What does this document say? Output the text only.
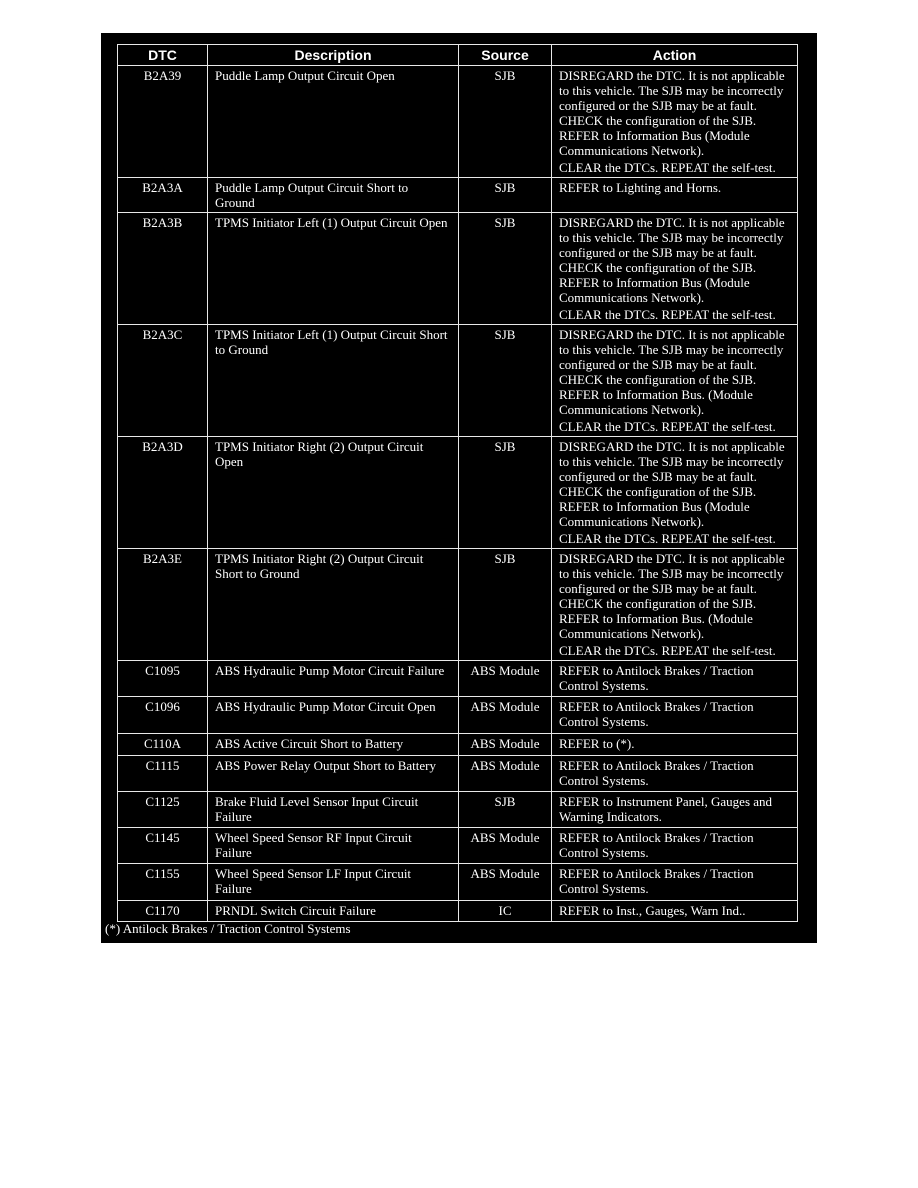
DTC	Description	Source	Action
B2A39	Puddle Lamp Output Circuit Open	SJB	DISREGARD the DTC. It is not applicable to this vehicle. The SJB may be incorrectly configured or the SJB may be at fault. CHECK the configuration of the SJB. REFER to Information Bus (Module Communications Network).
CLEAR the DTCs. REPEAT the self-test.

B2A3A	Puddle Lamp Output Circuit Short to Ground	SJB	REFER to Lighting and Horns.

B2A3B	TPMS Initiator Left (1) Output Circuit Open	SJB	DISREGARD the DTC. It is not applicable to this vehicle. The SJB may be incorrectly configured or the SJB may be at fault. CHECK the configuration of the SJB. REFER to Information Bus (Module Communications Network).
CLEAR the DTCs. REPEAT the self-test.

B2A3C	TPMS Initiator Left (1) Output Circuit Short to Ground	SJB	DISREGARD the DTC. It is not applicable to this vehicle. The SJB may be incorrectly configured or the SJB may be at fault. CHECK the configuration of the SJB. REFER to Information Bus. (Module Communications Network).
CLEAR the DTCs. REPEAT the self-test.

B2A3D	TPMS Initiator Right (2) Output Circuit Open	SJB	DISREGARD the DTC. It is not applicable to this vehicle. The SJB may be incorrectly configured or the SJB may be at fault. CHECK the configuration of the SJB. REFER to Information Bus (Module Communications Network).
CLEAR the DTCs. REPEAT the self-test.

B2A3E	TPMS Initiator Right (2) Output Circuit Short to Ground	SJB	DISREGARD the DTC. It is not applicable to this vehicle. The SJB may be incorrectly configured or the SJB may be at fault. CHECK the configuration of the SJB. REFER to Information Bus. (Module Communications Network).
CLEAR the DTCs. REPEAT the self-test.

C1095	ABS Hydraulic Pump Motor Circuit Failure	ABS Module	REFER to Antilock Brakes / Traction Control Systems.

C1096	ABS Hydraulic Pump Motor Circuit Open	ABS Module	REFER to Antilock Brakes / Traction Control Systems.

C110A	ABS Active Circuit Short to Battery	ABS Module	REFER to (*).

C1115	ABS Power Relay Output Short to Battery	ABS Module	REFER to Antilock Brakes / Traction Control Systems.

C1125	Brake Fluid Level Sensor Input Circuit Failure	SJB	REFER to Instrument Panel, Gauges and Warning Indicators.

C1145	Wheel Speed Sensor RF Input Circuit Failure	ABS Module	REFER to Antilock Brakes / Traction Control Systems.

C1155	Wheel Speed Sensor LF Input Circuit Failure	ABS Module	REFER to Antilock Brakes / Traction Control Systems.

C1170	PRNDL Switch Circuit Failure	IC	REFER to Inst., Gauges, Warn Ind..
(*) Antilock Brakes / Traction Control Systems
